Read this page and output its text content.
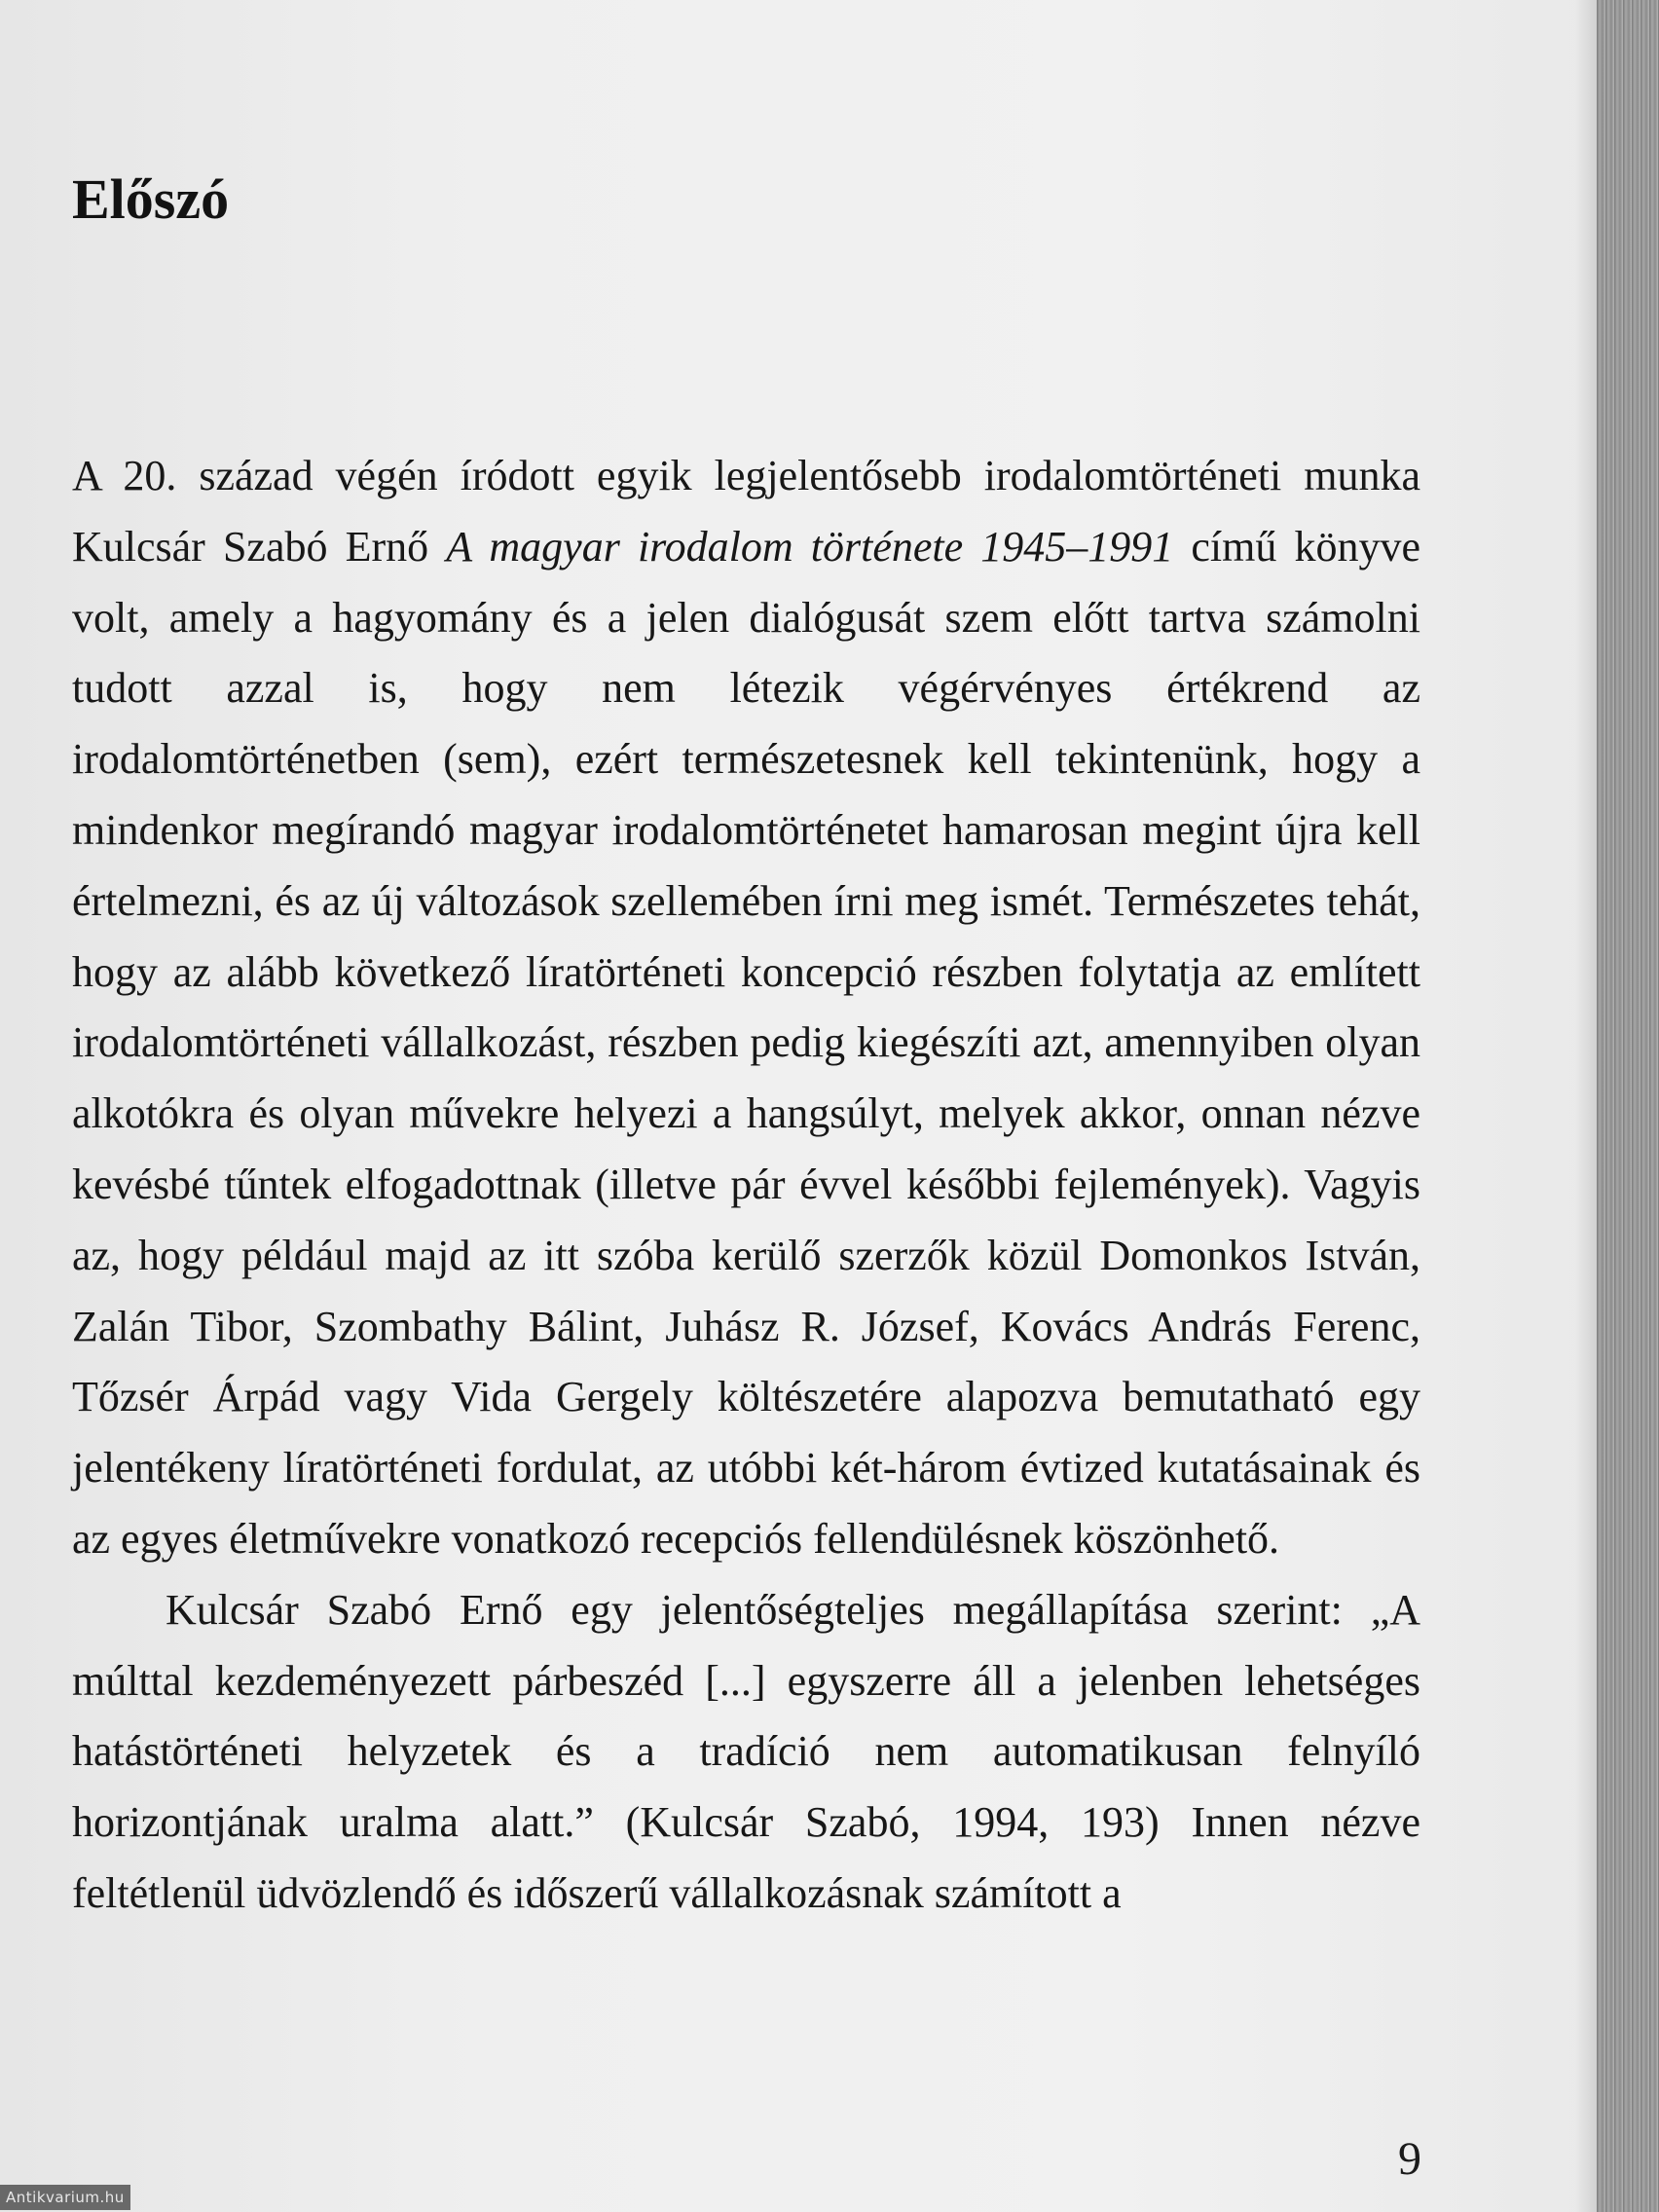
Előszó

A 20. század végén íródott egyik legjelentősebb irodalomtörténeti munka Kulcsár Szabó Ernő A magyar irodalom története 1945–1991 című könyve volt, amely a hagyomány és a jelen dialógusát szem előtt tartva számolni tudott azzal is, hogy nem létezik végérvényes értékrend az irodalomtörténetben (sem), ezért természetesnek kell tekintenünk, hogy a mindenkor megírandó magyar irodalomtörténetet hamarosan megint újra kell értelmezni, és az új változások szellemében írni meg ismét. Természetes tehát, hogy az alább következő líratörténeti koncepció részben folytatja az említett irodalomtörténeti vállalkozást, részben pedig kiegészíti azt, amennyiben olyan alkotókra és olyan művekre helyezi a hangsúlyt, melyek akkor, onnan nézve kevésbé tűntek elfogadottnak (illetve pár évvel későbbi fejlemények). Vagyis az, hogy például majd az itt szóba kerülő szerzők közül Domonkos István, Zalán Tibor, Szombathy Bálint, Juhász R. József, Kovács András Ferenc, Tőzsér Árpád vagy Vida Gergely költészetére alapozva bemutatható egy jelentékeny líratörténeti fordulat, az utóbbi két-három évtized kutatásainak és az egyes életművekre vonatkozó recepciós fellendülésnek köszönhető.

Kulcsár Szabó Ernő egy jelentőségteljes megállapítása szerint: „A múlttal kezdeményezett párbeszéd [...] egyszerre áll a jelenben lehetséges hatástörténeti helyzetek és a tradíció nem automatikusan felnyíló horizontjának uralma alatt.” (Kulcsár Szabó, 1994, 193) Innen nézve feltétlenül üdvözlendő és időszerű vállalkozásnak számított a

9
Antikvarium.hu
